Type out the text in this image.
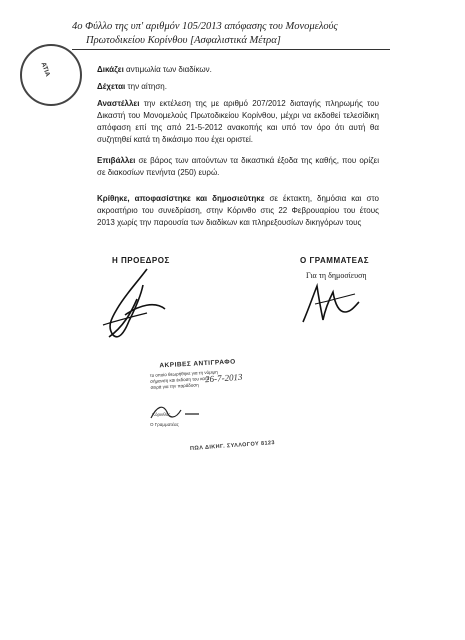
4ο Φύλλο της υπ' αριθμόν 105/2013 απόφασης του Μονομελούς
Πρωτοδικείου Κορίνθου [Ασφαλιστικά Μέτρα]
ΑΤΙΑ	Δικάζει αντιμωλία των διαδίκων.
Δέχεται την αίτηση.
Αναστέλλει την εκτέλεση της με αριθμό 207/2012 διαταγής πληρωμής του Δικαστή του Μονομελούς Πρωτοδικείου Κορίνθου, μέχρι να εκδοθεί τελεσίδικη απόφαση επί της από 21-5-2012 ανακοπής και υπό τον όρο ότι αυτή θα συζητηθεί κατά τη δικάσιμο που έχει οριστεί.
Επιβάλλει σε βάρος των αιτούντων τα δικαστικά έξοδα της καθής, που ορίζει σε διακοσίων πενήντα (250) ευρώ.
Κρίθηκε, αποφασίστηκε και δημοσιεύτηκε σε έκτακτη, δημόσια και στο ακροατήριο του συνεδρίαση, στην Κόρινθο στις 22 Φεβρουαρίου του έτους 2013 χωρίς την παρουσία των διαδίκων και πληρεξουσίων δικηγόρων τους
Η ΠΡΟΕΔΡΟΣ	Ο ΓΡΑΜΜΑΤΕΑΣ
Για τη δημοσίευση
ΑΚΡΙΒΕΣ ΑΝΤΙΓΡΑΦΟ
το οποίο θεωρήθηκε για τη νόμιμη
σήμανση και έκδοση του κατά
σειρά για την παράδοση
26-7-2013
Κόρινθος
Ο Γραμματέας
ΠΩΛ ΔΙΚΗΓ. ΣΥΛΛΟΓΟΥ 8123
